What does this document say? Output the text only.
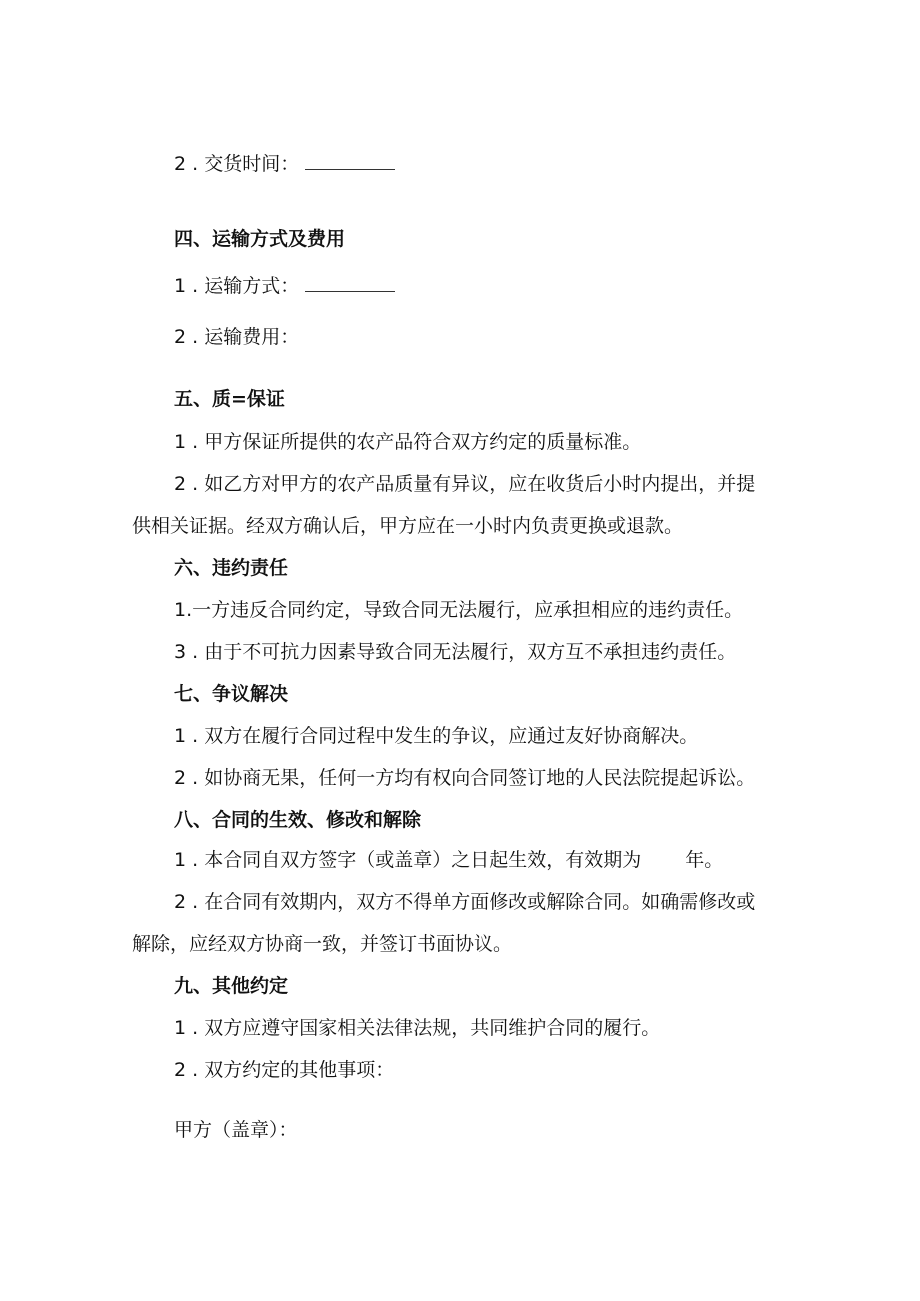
2 . 交货时间：
四、运输方式及费用
1 . 运输方式：
2 . 运输费用：
五、质=保证
1 . 甲方保证所提供的农产品符合双方约定的质量标准。
2 . 如乙方对甲方的农产品质量有异议，应在收货后小时内提出，并提
供相关证据。经双方确认后，甲方应在一小时内负责更换或退款。
六、违约责任
1.一方违反合同约定，导致合同无法履行，应承担相应的违约责任。
3 . 由于不可抗力因素导致合同无法履行，双方互不承担违约责任。
七、争议解决
1 . 双方在履行合同过程中发生的争议，应通过友好协商解决。
2 . 如协商无果，任何一方均有权向合同签订地的人民法院提起诉讼。
八、合同的生效、修改和解除
1 . 本合同自双方签字（或盖章）之日起生效，有效期为 年。
2 . 在合同有效期内，双方不得单方面修改或解除合同。如确需修改或
解除，应经双方协商一致，并签订书面协议。
九、其他约定
1 . 双方应遵守国家相关法律法规，共同维护合同的履行。
2 . 双方约定的其他事项：
甲方（盖章）：
